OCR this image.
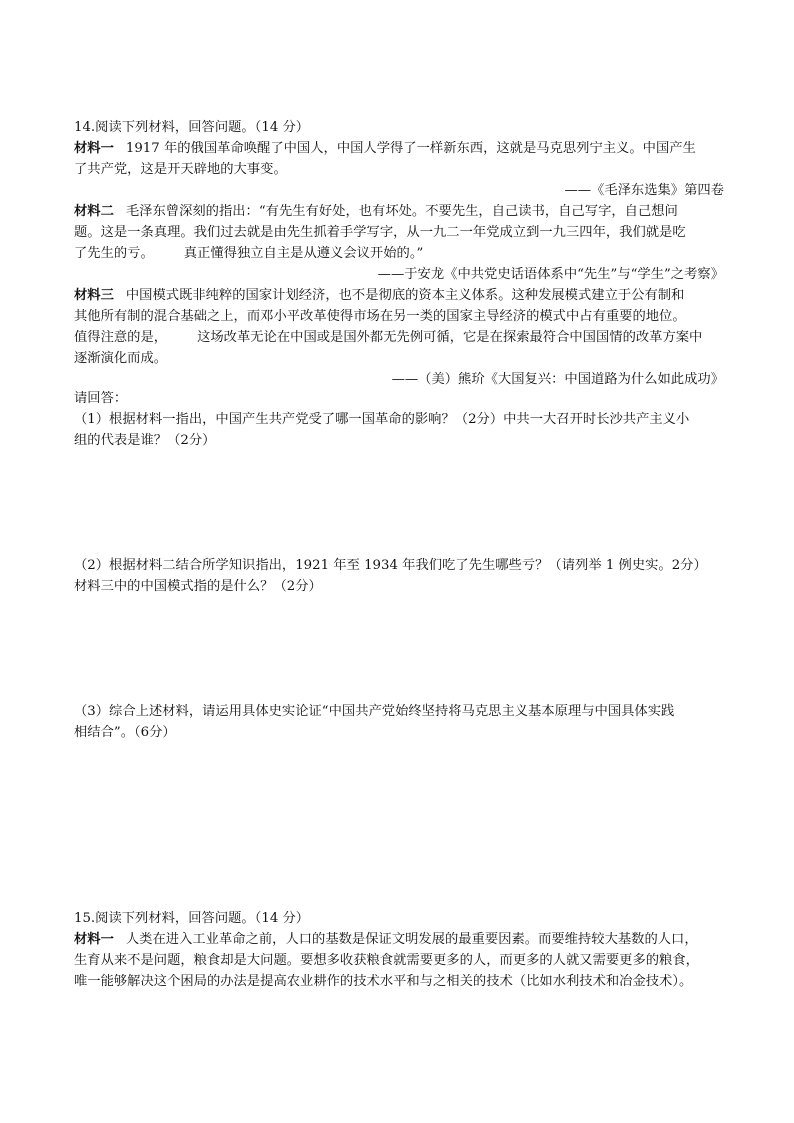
14.阅读下列材料，回答问题。（14 分）
材料一 1917 年的俄国革命唤醒了中国人，中国人学得了一样新东西，这就是马克思列宁主义。中国产生
了共产党，这是开天辟地的大事变。
——《毛泽东选集》第四卷
材料二 毛泽东曾深刻的指出：“有先生有好处，也有坏处。不要先生，自己读书，自己写字，自己想问
题。这是一条真理。我们过去就是由先生抓着手学写字，从一九二一年党成立到一九三四年，我们就是吃
了先生的亏。 真正懂得独立自主是从遵义会议开始的。”
——于安龙《中共党史话语体系中“先生”与“学生”之考察》
材料三 中国模式既非纯粹的国家计划经济，也不是彻底的资本主义体系。这种发展模式建立于公有制和
其他所有制的混合基础之上，而邓小平改革使得市场在另一类的国家主导经济的模式中占有重要的地位。
值得注意的是， 这场改革无论在中国或是国外都无先例可循，它是在探索最符合中国国情的改革方案中
逐渐演化而成。
——（美）熊玠《大国复兴：中国道路为什么如此成功》
请回答：
（1）根据材料一指出，中国产生共产党受了哪一国革命的影响？（2分）中共一大召开时长沙共产主义小
组的代表是谁？（2分）
（2）根据材料二结合所学知识指出，1921 年至 1934 年我们吃了先生哪些亏？（请列举 1 例史实。2分）
材料三中的中国模式指的是什么？（2分）
（3）综合上述材料，请运用具体史实论证“中国共产党始终坚持将马克思主义基本原理与中国具体实践
相结合”。（6分）
15.阅读下列材料，回答问题。（14 分）
材料一 人类在进入工业革命之前，人口的基数是保证文明发展的最重要因素。而要维持较大基数的人口，
生育从来不是问题，粮食却是大问题。要想多收获粮食就需要更多的人，而更多的人就又需要更多的粮食，
唯一能够解决这个困局的办法是提高农业耕作的技术水平和与之相关的技术（比如水利技术和冶金技术）。
